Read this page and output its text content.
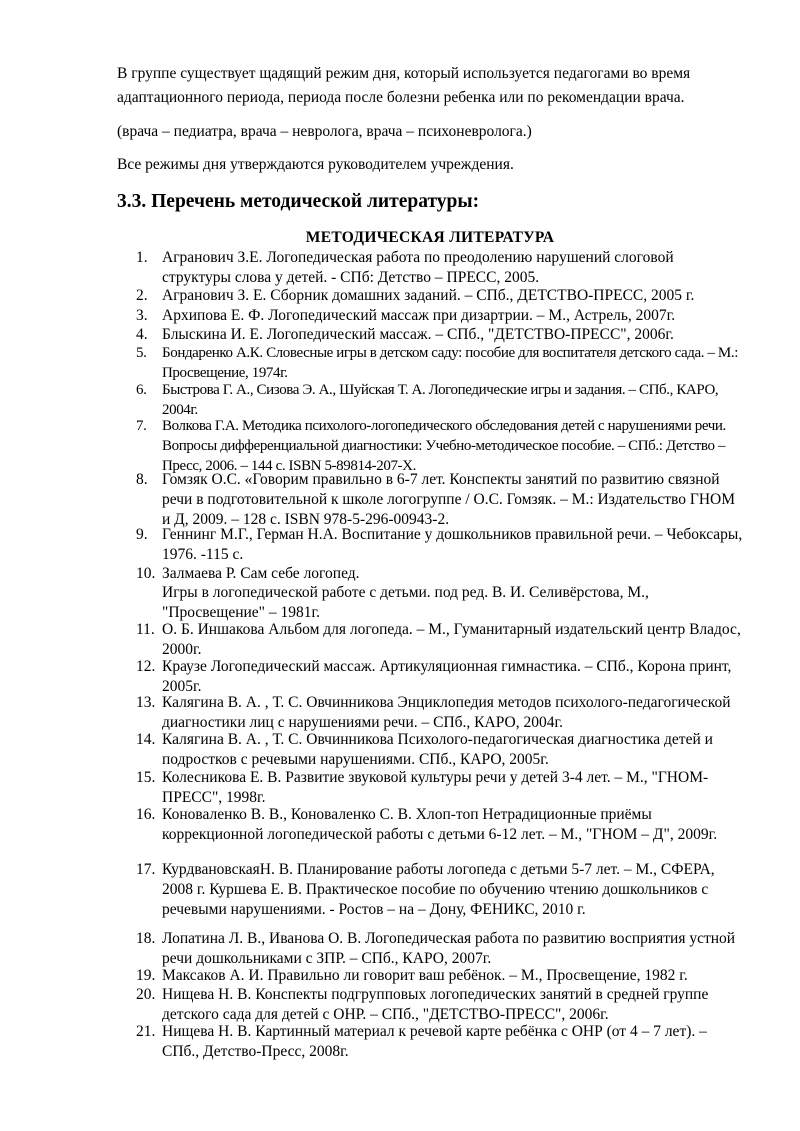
В группе существует щадящий режим дня, который используется педагогами во время адаптационного периода, периода после болезни ребенка или по рекомендации врача.

(врача – педиатра, врача – невролога, врача – психоневролога.)

Все режимы дня утверждаются руководителем учреждения.

3.3. Перечень методической литературы:
МЕТОДИЧЕСКАЯ ЛИТЕРАТУРА
1. Агранович З.Е. Логопедическая работа по преодолению нарушений слоговой структуры слова у детей. - СПб: Детство – ПРЕСС, 2005.
2. Агранович З. Е. Сборник домашних заданий. – СПб., ДЕТСТВО-ПРЕСС, 2005 г.
3. Архипова Е. Ф. Логопедический массаж при дизартрии. – М., Астрель, 2007г.
4. Блыскина И. Е. Логопедический массаж. – СПб., "ДЕТСТВО-ПРЕСС", 2006г.
5.	Бондаренко А.К. Словесные игры в детском саду: пособие для воспитателя детского сада. – М.: Просвещение, 1974г.
6.	Быстрова Г. А., Сизова Э. А., Шуйская Т. А. Логопедические игры и задания. – СПб., КАРО, 2004г.
7.	Волкова Г.А. Методика психолого-логопедического обследования детей с нарушениями речи. Вопросы дифференциальной диагностики: Учебно-методическое пособие. – СПб.: Детство – Пресс, 2006. – 144 с. ISBN 5-89814-207-Х.
8. Гомзяк О.С. «Говорим правильно в 6-7 лет. Конспекты занятий по развитию связной речи в подготовительной к школе логогруппе / О.С. Гомзяк. – М.: Издательство ГНОМ и Д, 2009. – 128 с. ISBN 978-5-296-00943-2.
9. Геннинг М.Г., Герман Н.А. Воспитание у дошкольников правильной речи. – Чебоксары, 1976. -115 с.
10. Залмаева Р. Сам себе логопед.
Игры в логопедической работе с детьми. под ред. В. И. Селивёрстова, М., "Просвещение" – 1981г.
11. О. Б. Иншакова Альбом для логопеда. – М., Гуманитарный издательский центр Владос, 2000г.
12. Краузе Логопедический массаж. Артикуляционная гимнастика. – СПб., Корона принт, 2005г.
13. Калягина В. А. , Т. С. Овчинникова Энциклопедия методов психолого-педагогической диагностики лиц с нарушениями речи. – СПб., КАРО, 2004г.
14. Калягина В. А. , Т. С. Овчинникова Психолого-педагогическая диагностика детей и подростков с речевыми нарушениями. СПб., КАРО, 2005г.
15. Колесникова Е. В. Развитие звуковой культуры речи у детей 3-4 лет. – М., "ГНОМ-ПРЕСС", 1998г.
16. Коноваленко В. В., Коноваленко С. В. Хлоп-топ Нетрадиционные приёмы коррекционной логопедической работы с детьми 6-12 лет. – М., "ГНОМ – Д", 2009г.
17. КурдвановскаяН. В. Планирование работы логопеда с детьми 5-7 лет. – М., СФЕРА, 2008 г. Куршева Е. В. Практическое пособие по обучению чтению дошкольников с речевыми нарушениями. - Ростов – на – Дону, ФЕНИКС, 2010 г.
18. Лопатина Л. В., Иванова О. В. Логопедическая работа по развитию восприятия устной речи дошкольниками с ЗПР. – СПб., КАРО, 2007г.
19. Максаков А. И. Правильно ли говорит ваш ребёнок. – М., Просвещение, 1982 г.
20. Нищева Н. В. Конспекты подгрупповых логопедических занятий в средней группе детского сада для детей с ОНР. – СПб., "ДЕТСТВО-ПРЕСС", 2006г.
21. Нищева Н. В. Картинный материал к речевой карте ребёнка с ОНР (от 4 – 7 лет). – СПб., Детство-Пресс, 2008г.
